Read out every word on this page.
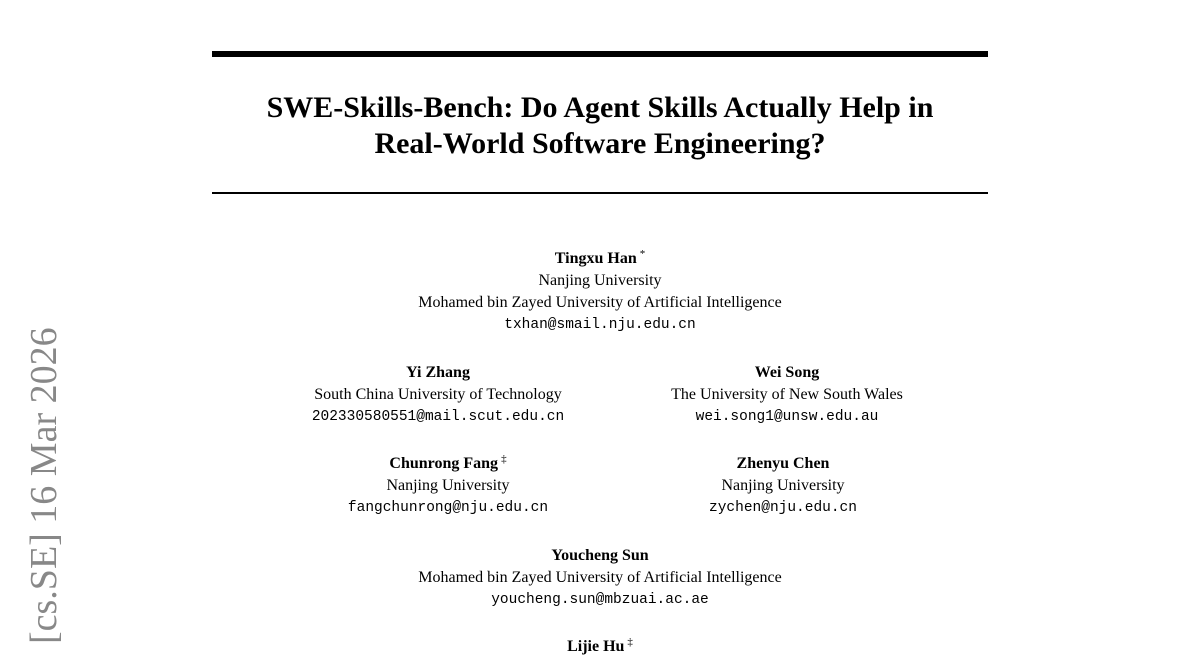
[cs.SE] 16 Mar 2026
SWE-Skills-Bench: Do Agent Skills Actually Help in
Real-World Software Engineering?
Tingxu Han *
Nanjing University
Mohamed bin Zayed University of Artificial Intelligence
txhan@smail.nju.edu.cn
Yi Zhang
South China University of Technology
202330580551@mail.scut.edu.cn
Wei Song
The University of New South Wales
wei.song1@unsw.edu.au
Chunrong Fang ‡
Nanjing University
fangchunrong@nju.edu.cn
Zhenyu Chen
Nanjing University
zychen@nju.edu.cn
Youcheng Sun
Mohamed bin Zayed University of Artificial Intelligence
youcheng.sun@mbzuai.ac.ae
Lijie Hu ‡
